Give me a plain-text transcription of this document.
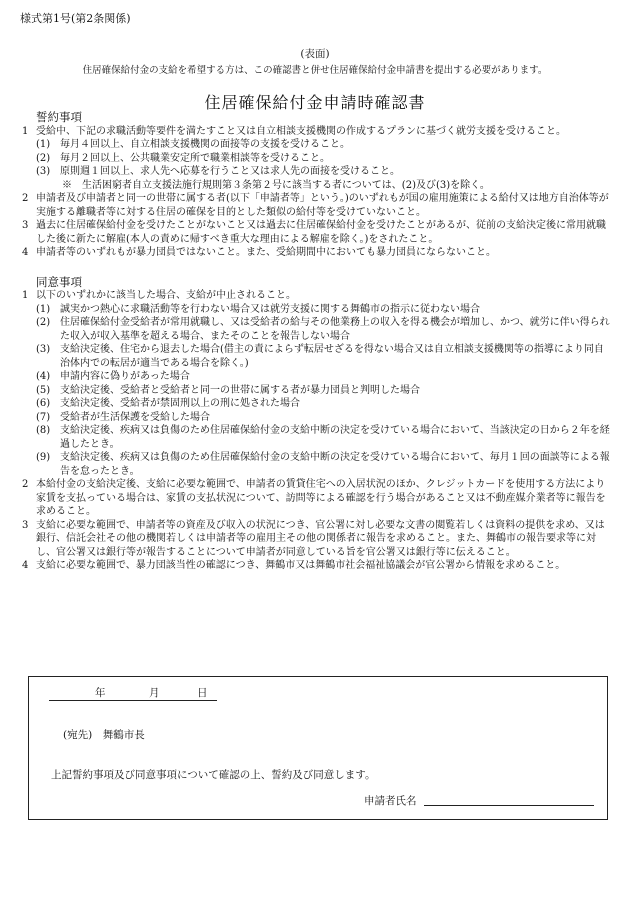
様式第1号(第2条関係)
(表面)
住居確保給付金の支給を希望する方は、この確認書と併せ住居確保給付金申請書を提出する必要があります。
住居確保給付金申請時確認書
誓約事項
1 受給中、下記の求職活動等要件を満たすこと又は自立相談支援機関の作成するプランに基づく就労支援を受けること。
(1) 毎月４回以上、自立相談支援機関の面接等の支援を受けること。
(2) 毎月２回以上、公共職業安定所で職業相談等を受けること。
(3) 原則週１回以上、求人先へ応募を行うこと又は求人先の面接を受けること。
※　 生活困窮者自立支援法施行規則第３条第２号に該当する者については、(2)及び(3)を除く。
2 申請者及び申請者と同一の世帯に属する者(以下「申請者等」という。)のいずれもが国の雇用施策による給付又は地方自治体等が実施する離職者等に対する住居の確保を目的とした類似の給付等を受けていないこと。
3 過去に住居確保給付金を受けたことがないこと又は過去に住居確保給付金を受けたことがあるが、従前の支給決定後に常用就職した後に新たに解雇(本人の責めに帰すべき重大な理由による解雇を除く。)をされたこと。
4 申請者等のいずれもが暴力団員ではないこと。また、受給期間中においても暴力団員にならないこと。
同意事項
1 以下のいずれかに該当した場合、支給が中止されること。
(1) 誠実かつ熱心に求職活動等を行わない場合又は就労支援に関する舞鶴市の指示に従わない場合
(2) 住居確保給付金受給者が常用就職し、又は受給者の給与その他業務上の収入を得る機会が増加し、かつ、就労に伴い得られた収入が収入基準を超える場合、またそのことを報告しない場合
(3) 支給決定後、住宅から退去した場合(借主の責によらず転居せざるを得ない場合又は自立相談支援機関等の指導により同自治体内での転居が適当である場合を除く。)
(4) 申請内容に偽りがあった場合
(5) 支給決定後、受給者と受給者と同一の世帯に属する者が暴力団員と判明した場合
(6) 支給決定後、受給者が禁固刑以上の刑に処された場合
(7) 受給者が生活保護を受給した場合
(8) 支給決定後、疾病又は負傷のため住居確保給付金の支給中断の決定を受けている場合において、当該決定の日から２年を経過したとき。
(9) 支給決定後、疾病又は負傷のため住居確保給付金の支給中断の決定を受けている場合において、毎月１回の面談等による報告を怠ったとき。
2 本給付金の支給決定後、支給に必要な範囲で、申請者の賃貸住宅への入居状況のほか、クレジットカードを使用する方法により家賃を支払っている場合は、家賃の支払状況について、訪問等による確認を行う場合があること又は不動産媒介業者等に報告を求めること。
3 支給に必要な範囲で、申請者等の資産及び収入の状況につき、官公署に対し必要な文書の閲覧若しくは資料の提供を求め、又は銀行、信託会社その他の機関若しくは申請者等の雇用主その他の関係者に報告を求めること。また、舞鶴市の報告要求等に対し、官公署又は銀行等が報告することについて申請者が同意している旨を官公署又は銀行等に伝えること。
4 支給に必要な範囲で、暴力団該当性の確認につき、舞鶴市又は舞鶴市社会福祉協議会が官公署から情報を求めること。
年	月	日
(宛先)　舞鶴市長
上記誓約事項及び同意事項について確認の上、誓約及び同意します。
申請者氏名
